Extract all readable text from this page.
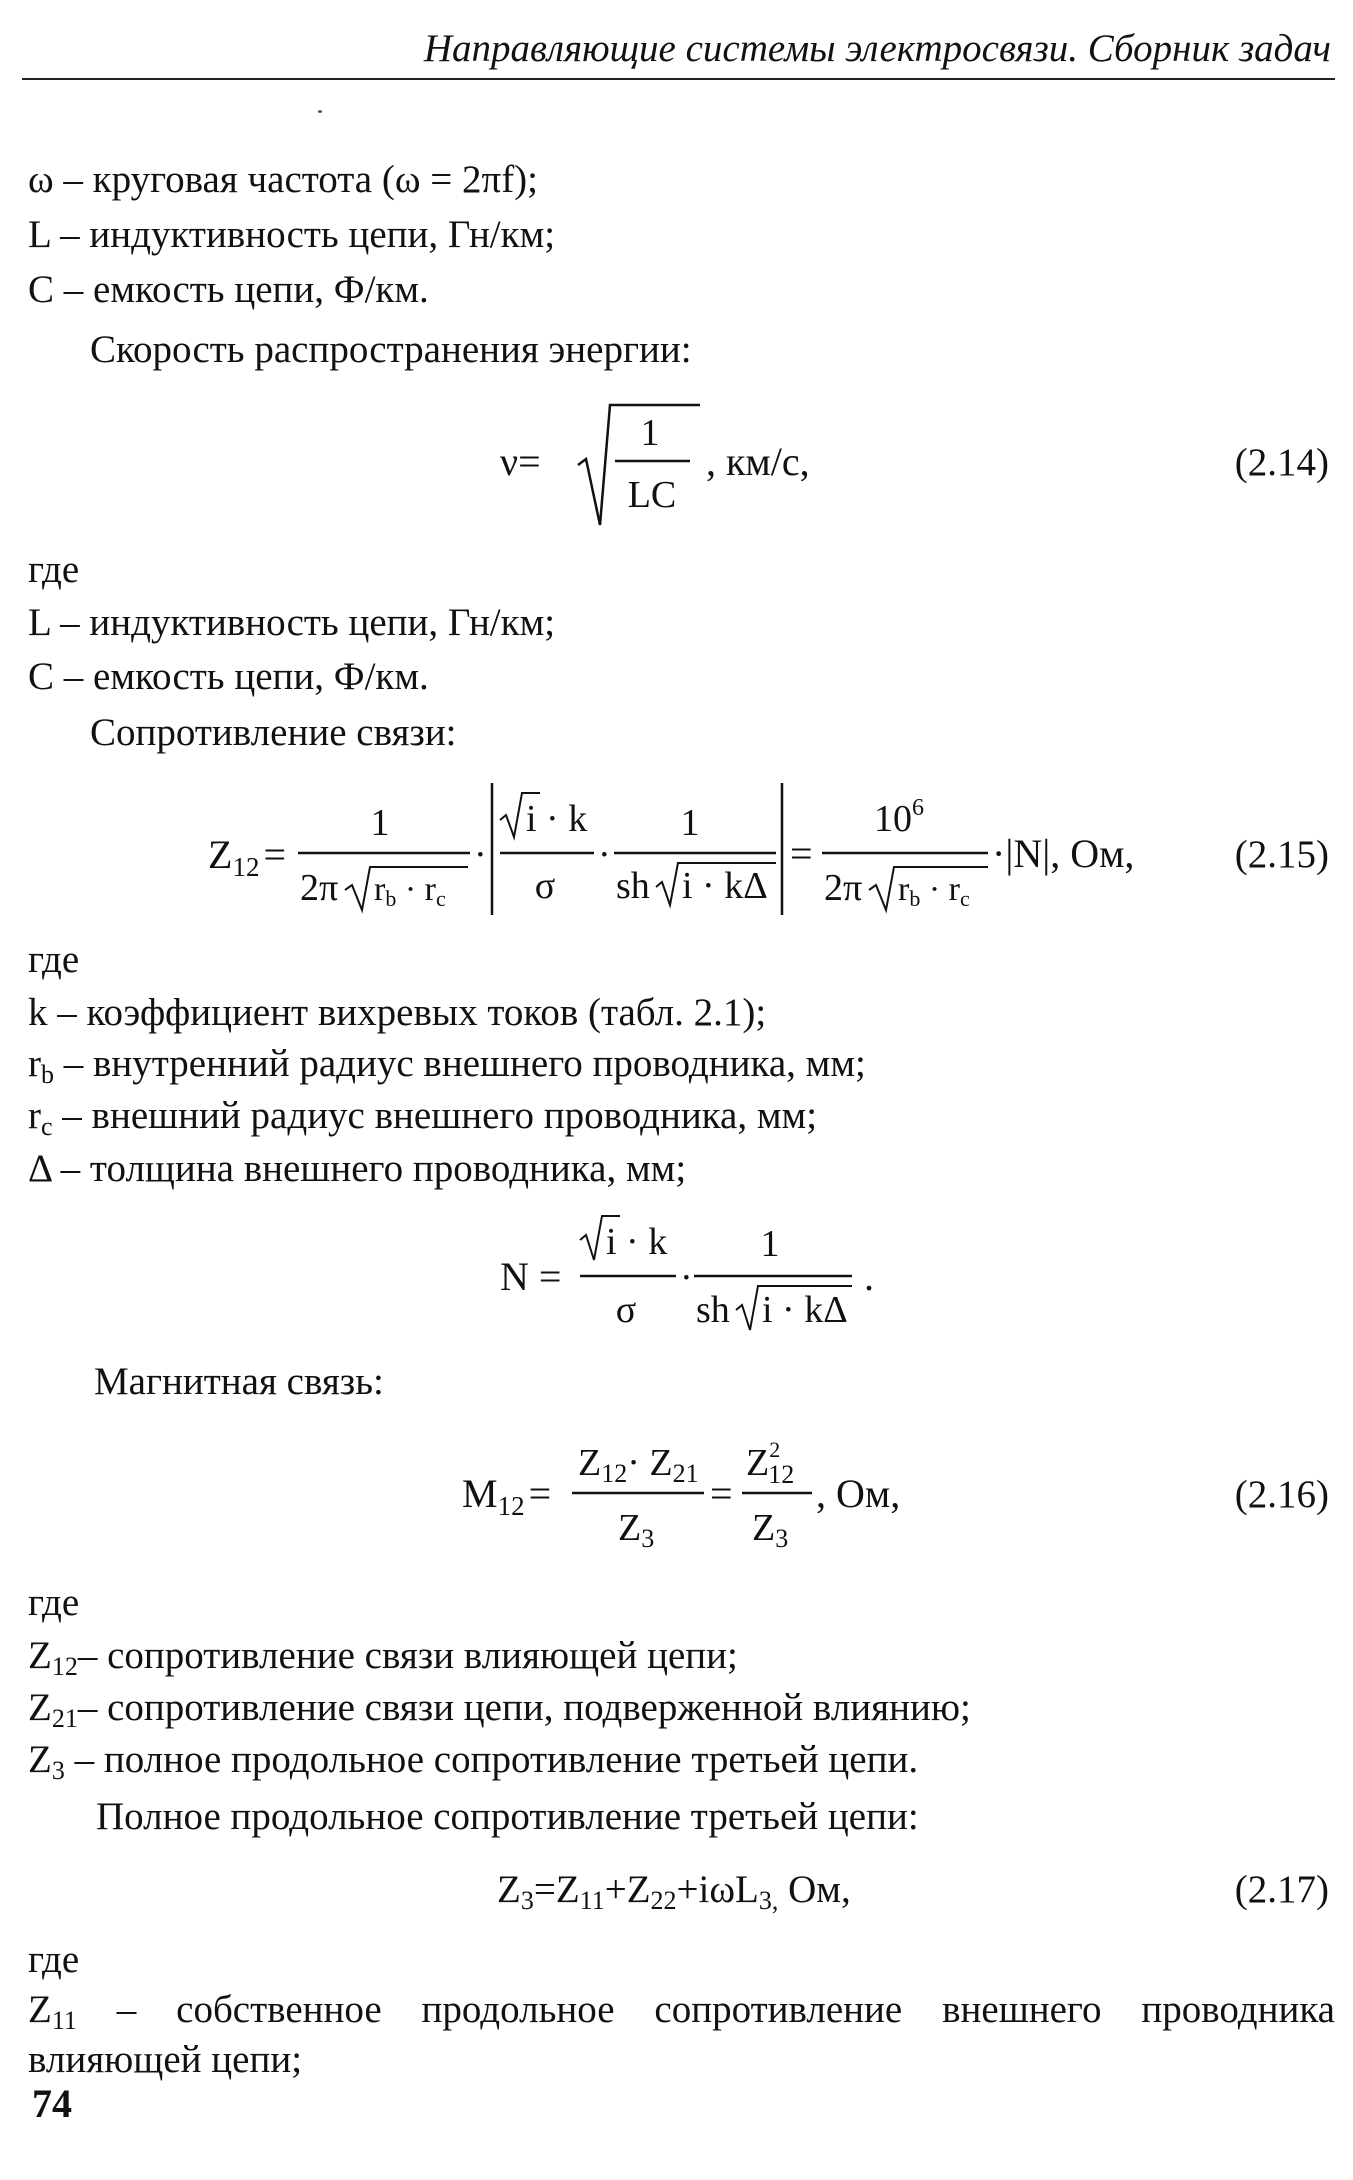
Направляющие системы электросвязи. Сборник задач
ω – круговая частота (ω = 2πf);
L – индуктивность цепи, Гн/км;
С – емкость цепи, Ф/км.
Скорость распространения энергии:
ν=
1
LC
, км/с,	(2.14)
где
L – индуктивность цепи, Гн/км;
С – емкость цепи, Ф/км.
Сопротивление связи:
$Z_{12}$ =
1
2π rb · rc
·
i · k
σ
·
1
sh i · kΔ
=
$10^6$
2π rb · rc
·|N|, Ом,	(2.15)
где
k – коэффициент вихревых токов (табл. 2.1);
$r_b$ – внутренний радиус внешнего проводника, мм;
$r_c$ – внешний радиус внешнего проводника, мм;
Δ – толщина внешнего проводника, мм;
N =
i · k
σ
·
1
sh i · kΔ
.
Магнитная связь:
$M_{12}$ =
Z12· Z21
Z3
=
$Z^2$ 12
Z3
, Ом,	(2.16)
где
$Z_{12}-$ сопротивление связи влияющей цепи;
$Z_{21}-$ сопротивление связи цепи, подверженной влиянию;
$Z_3$ – полное продольное сопротивление третьей цепи.
Полное продольное сопротивление третьей цепи:
$Z_3=Z_{11}+Z_{22}+i\omega L_{3,}$ Ом,	(2.17)
где
$Z_{11}$ – собственное продольное сопротивление внешнего проводника
влияющей цепи;
74
